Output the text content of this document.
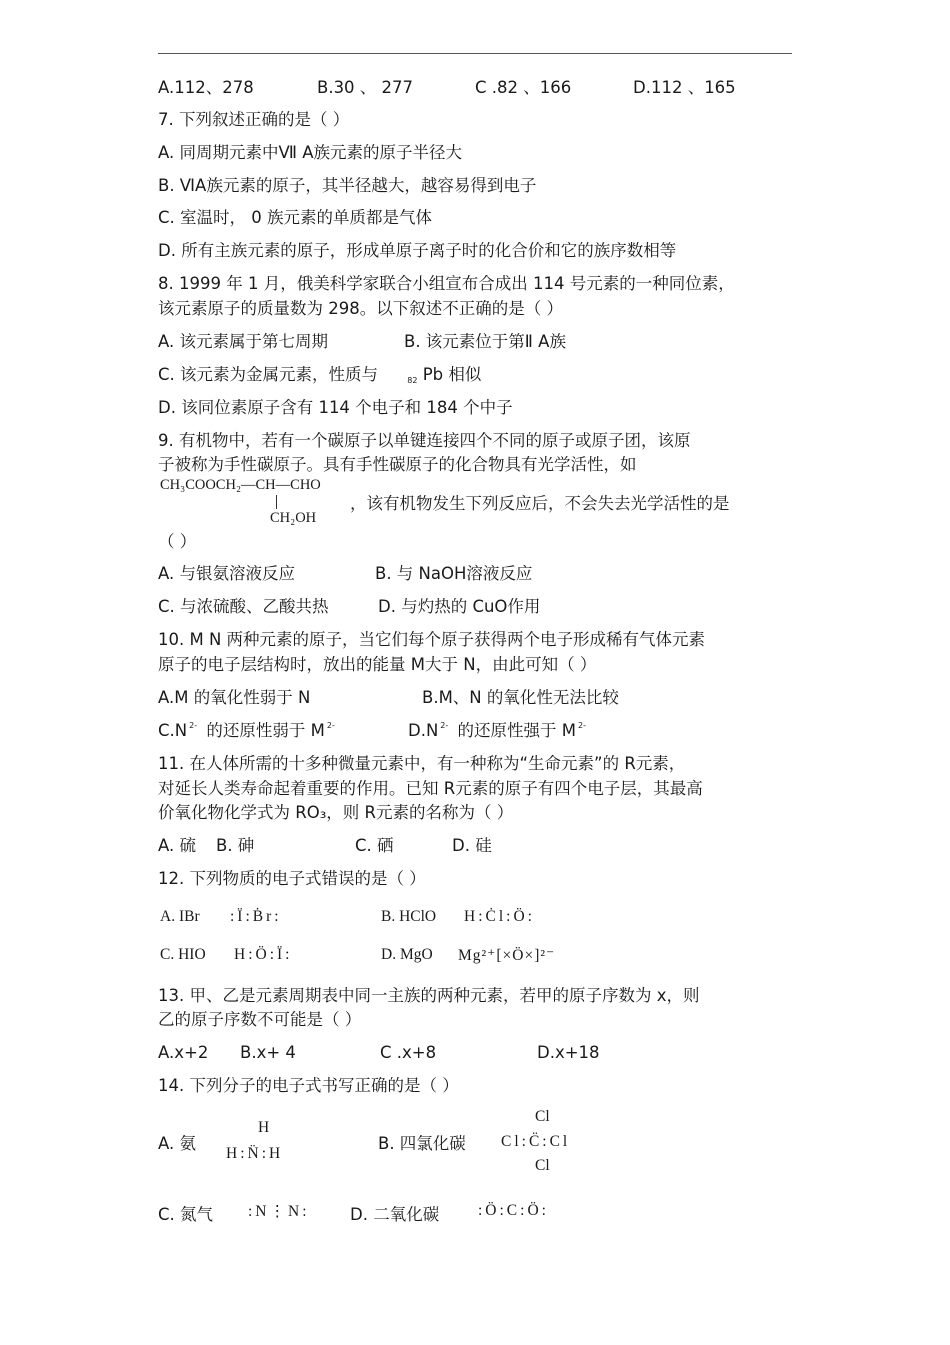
A.112、278	B.30 、 277	C .82 、166	D.112 、165
7. 下列叙述正确的是（ ）
A. 同周期元素中Ⅶ A族元素的原子半径大
B. ⅥA族元素的原子，其半径越大，越容易得到电子
C. 室温时， 0 族元素的单质都是气体
D. 所有主族元素的原子，形成单原子离子时的化合价和它的族序数相等
8. 1999 年 1 月，俄美科学家联合小组宣布合成出 114 号元素的一种同位素，
该元素原子的质量数为 298。以下叙述不正确的是（ ）
A. 该元素属于第七周期	B. 该元素位于第Ⅱ A族
C. 该元素为金属元素，性质与	82 Pb 相似
D. 该同位素原子含有 114 个电子和 184 个中子
9. 有机物中，若有一个碳原子以单键连接四个不同的原子或原子团，该原
子被称为手性碳原子。具有手性碳原子的化合物具有光学活性，如
CH₃COOCH₂—CH—CHO
CH₂OH
，该有机物发生下列反应后，不会失去光学活性的是
（ ）
A. 与银氨溶液反应	B. 与 NaOH溶液反应
C. 与浓硫酸、乙酸共热	D. 与灼热的 CuO作用
10. M N 两种元素的原子，当它们每个原子获得两个电子形成稀有气体元素
原子的电子层结构时，放出的能量 M大于 N，由此可知（ ）
A.M 的氧化性弱于 N	B.M、N 的氧化性无法比较
C.N $^{2-}$ 的还原性弱于 M $^{2-}$	D.N $^{2-}$ 的还原性强于 M $^{2-}$
11. 在人体所需的十多种微量元素中，有一种称为“生命元素”的 R元素，
对延长人类寿命起着重要的作用。已知 R元素的原子有四个电子层，其最高
价氧化物化学式为 RO₃，则 R元素的名称为（ ）
A. 硫 B. 砷	C. 硒	D. 硅
12. 下列物质的电子式错误的是（ ）
A. IBr :Ï:Ḃr:	B. HClO H:Ċl:Ö:
C. HIO H:Ö:Ï:	D. MgO Mg²⁺[×Ö×]²⁻
13. 甲、乙是元素周期表中同一主族的两种元素，若甲的原子序数为 x，则
乙的原子序数不可能是（ ）
A.x+2 B.x+ 4	C .x+8	D.x+18
14. 下列分子的电子式书写正确的是（ ）
A. 氨
H
H:N̈:H
B. 四氯化碳
Cl
Cl:C̈:Cl
Cl
C. 氮气 :N⋮N: D. 二氧化碳	:Ö:C:Ö:
